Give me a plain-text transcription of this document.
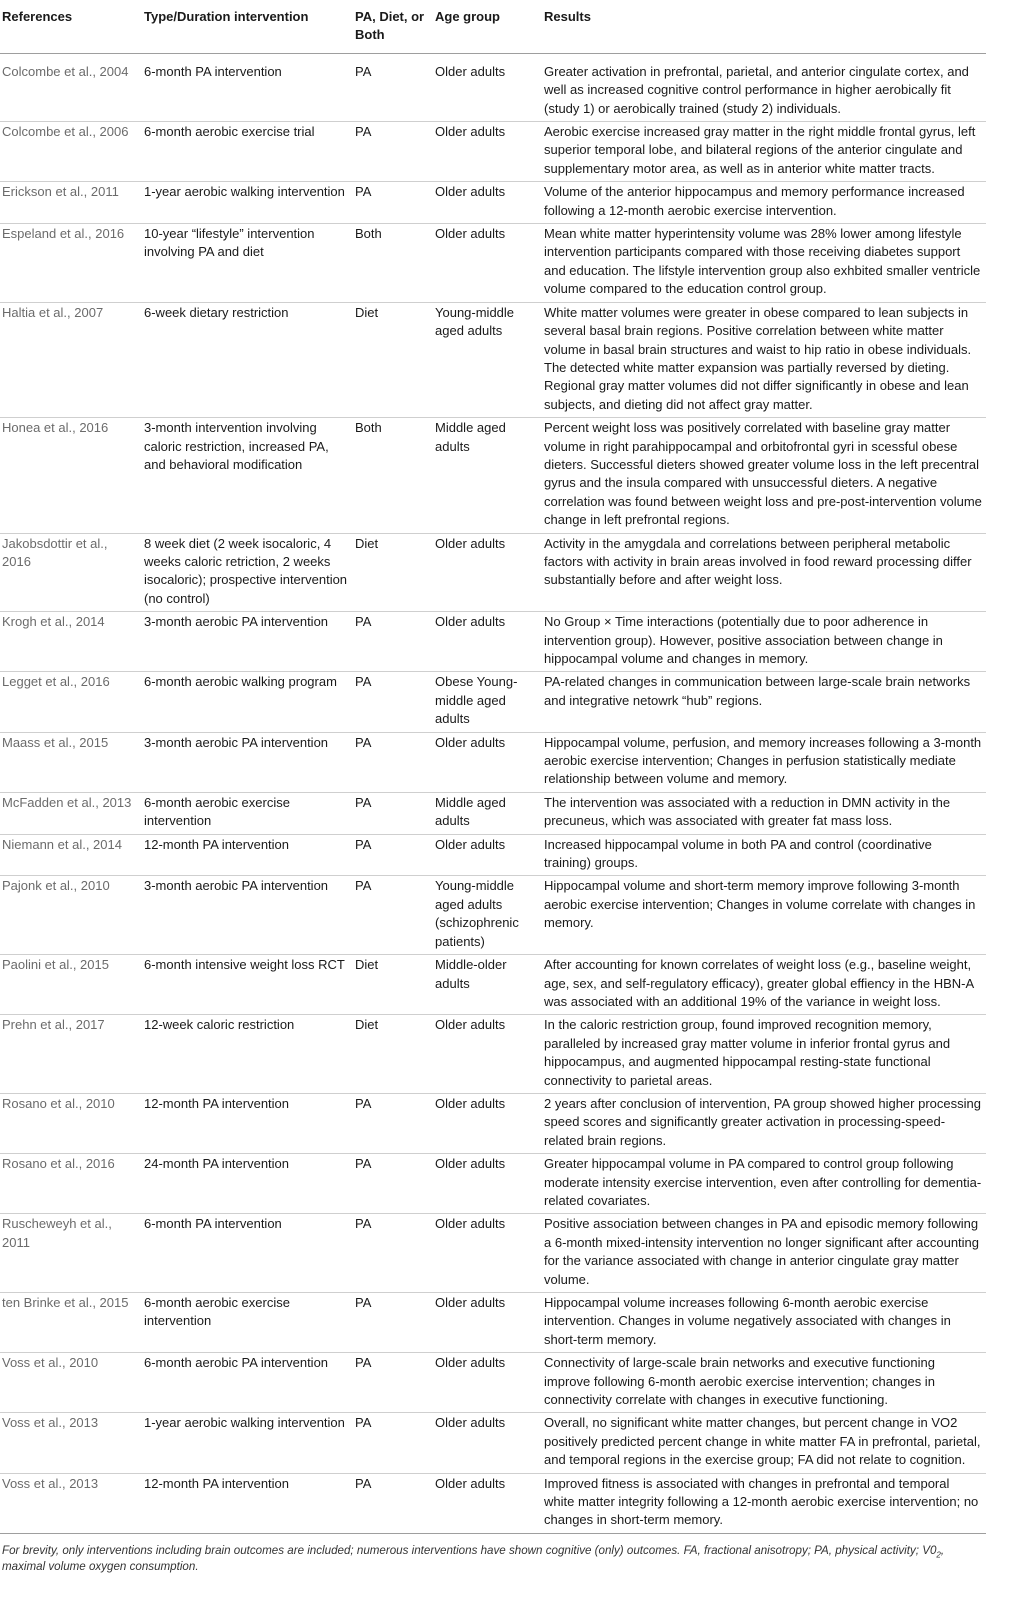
References	Type/Duration intervention	PA, Diet, or Both	Age group	Results
Colcombe et al., 2004	6-month PA intervention	PA	Older adults	Greater activation in prefrontal, parietal, and anterior cingulate cortex, and well as increased cognitive control performance in higher aerobically fit (study 1) or aerobically trained (study 2) individuals.
Colcombe et al., 2006	6-month aerobic exercise trial	PA	Older adults	Aerobic exercise increased gray matter in the right middle frontal gyrus, left superior temporal lobe, and bilateral regions of the anterior cingulate and supplementary motor area, as well as in anterior white matter tracts.
Erickson et al., 2011	1-year aerobic walking intervention	PA	Older adults	Volume of the anterior hippocampus and memory performance increased following a 12-month aerobic exercise intervention.
Espeland et al., 2016	10-year “lifestyle” intervention involving PA and diet	Both	Older adults	Mean white matter hyperintensity volume was 28% lower among lifestyle intervention participants compared with those receiving diabetes support and education. The lifstyle intervention group also exhbited smaller ventricle volume compared to the education control group.
Haltia et al., 2007	6-week dietary restriction	Diet	Young-middle aged adults	White matter volumes were greater in obese compared to lean subjects in several basal brain regions. Positive correlation between white matter volume in basal brain structures and waist to hip ratio in obese individuals. The detected white matter expansion was partially reversed by dieting. Regional gray matter volumes did not differ significantly in obese and lean subjects, and dieting did not affect gray matter.
Honea et al., 2016	3-month intervention involving caloric restriction, increased PA, and behavioral modification	Both	Middle aged adults	Percent weight loss was positively correlated with baseline gray matter volume in right parahippocampal and orbitofrontal gyri in scessful obese dieters. Successful dieters showed greater volume loss in the left precentral gyrus and the insula compared with unsuccessful dieters. A negative correlation was found between weight loss and pre-post-intervention volume change in left prefrontal regions.
Jakobsdottir et al., 2016	8 week diet (2 week isocaloric, 4 weeks caloric retriction, 2 weeks isocaloric); prospective intervention (no control)	Diet	Older adults	Activity in the amygdala and correlations between peripheral metabolic factors with activity in brain areas involved in food reward processing differ substantially before and after weight loss.
Krogh et al., 2014	3-month aerobic PA intervention	PA	Older adults	No Group × Time interactions (potentially due to poor adherence in intervention group). However, positive association between change in hippocampal volume and changes in memory.
Legget et al., 2016	6-month aerobic walking program	PA	Obese Young-middle aged adults	PA-related changes in communication between large-scale brain networks and integrative netowrk “hub” regions.
Maass et al., 2015	3-month aerobic PA intervention	PA	Older adults	Hippocampal volume, perfusion, and memory increases following a 3-month aerobic exercise intervention; Changes in perfusion statistically mediate relationship between volume and memory.
McFadden et al., 2013	6-month aerobic exercise intervention	PA	Middle aged adults	The intervention was associated with a reduction in DMN activity in the precuneus, which was associated with greater fat mass loss.
Niemann et al., 2014	12-month PA intervention	PA	Older adults	Increased hippocampal volume in both PA and control (coordinative training) groups.
Pajonk et al., 2010	3-month aerobic PA intervention	PA	Young-middle aged adults (schizophrenic patients)	Hippocampal volume and short-term memory improve following 3-month aerobic exercise intervention; Changes in volume correlate with changes in memory.
Paolini et al., 2015	6-month intensive weight loss RCT	Diet	Middle-older adults	After accounting for known correlates of weight loss (e.g., baseline weight, age, sex, and self-regulatory efficacy), greater global effiency in the HBN-A was associated with an additional 19% of the variance in weight loss.
Prehn et al., 2017	12-week caloric restriction	Diet	Older adults	In the caloric restriction group, found improved recognition memory, paralleled by increased gray matter volume in inferior frontal gyrus and hippocampus, and augmented hippocampal resting-state functional connectivity to parietal areas.
Rosano et al., 2010	12-month PA intervention	PA	Older adults	2 years after conclusion of intervention, PA group showed higher processing speed scores and significantly greater activation in processing-speed-related brain regions.
Rosano et al., 2016	24-month PA intervention	PA	Older adults	Greater hippocampal volume in PA compared to control group following moderate intensity exercise intervention, even after controlling for dementia-related covariates.
Ruscheweyh et al., 2011	6-month PA intervention	PA	Older adults	Positive association between changes in PA and episodic memory following a 6-month mixed-intensity intervention no longer significant after accounting for the variance associated with change in anterior cingulate gray matter volume.
ten Brinke et al., 2015	6-month aerobic exercise intervention	PA	Older adults	Hippocampal volume increases following 6-month aerobic exercise intervention. Changes in volume negatively associated with changes in short-term memory.
Voss et al., 2010	6-month aerobic PA intervention	PA	Older adults	Connectivity of large-scale brain networks and executive functioning improve following 6-month aerobic exercise intervention; changes in connectivity correlate with changes in executive functioning.
Voss et al., 2013	1-year aerobic walking intervention	PA	Older adults	Overall, no significant white matter changes, but percent change in VO2 positively predicted percent change in white matter FA in prefrontal, parietal, and temporal regions in the exercise group; FA did not relate to cognition.
Voss et al., 2013	12-month PA intervention	PA	Older adults	Improved fitness is associated with changes in prefrontal and temporal white matter integrity following a 12-month aerobic exercise intervention; no changes in short-term memory.
For brevity, only interventions including brain outcomes are included; numerous interventions have shown cognitive (only) outcomes. FA, fractional anisotropy; PA, physical activity; $V0_2$, maximal volume oxygen consumption.
